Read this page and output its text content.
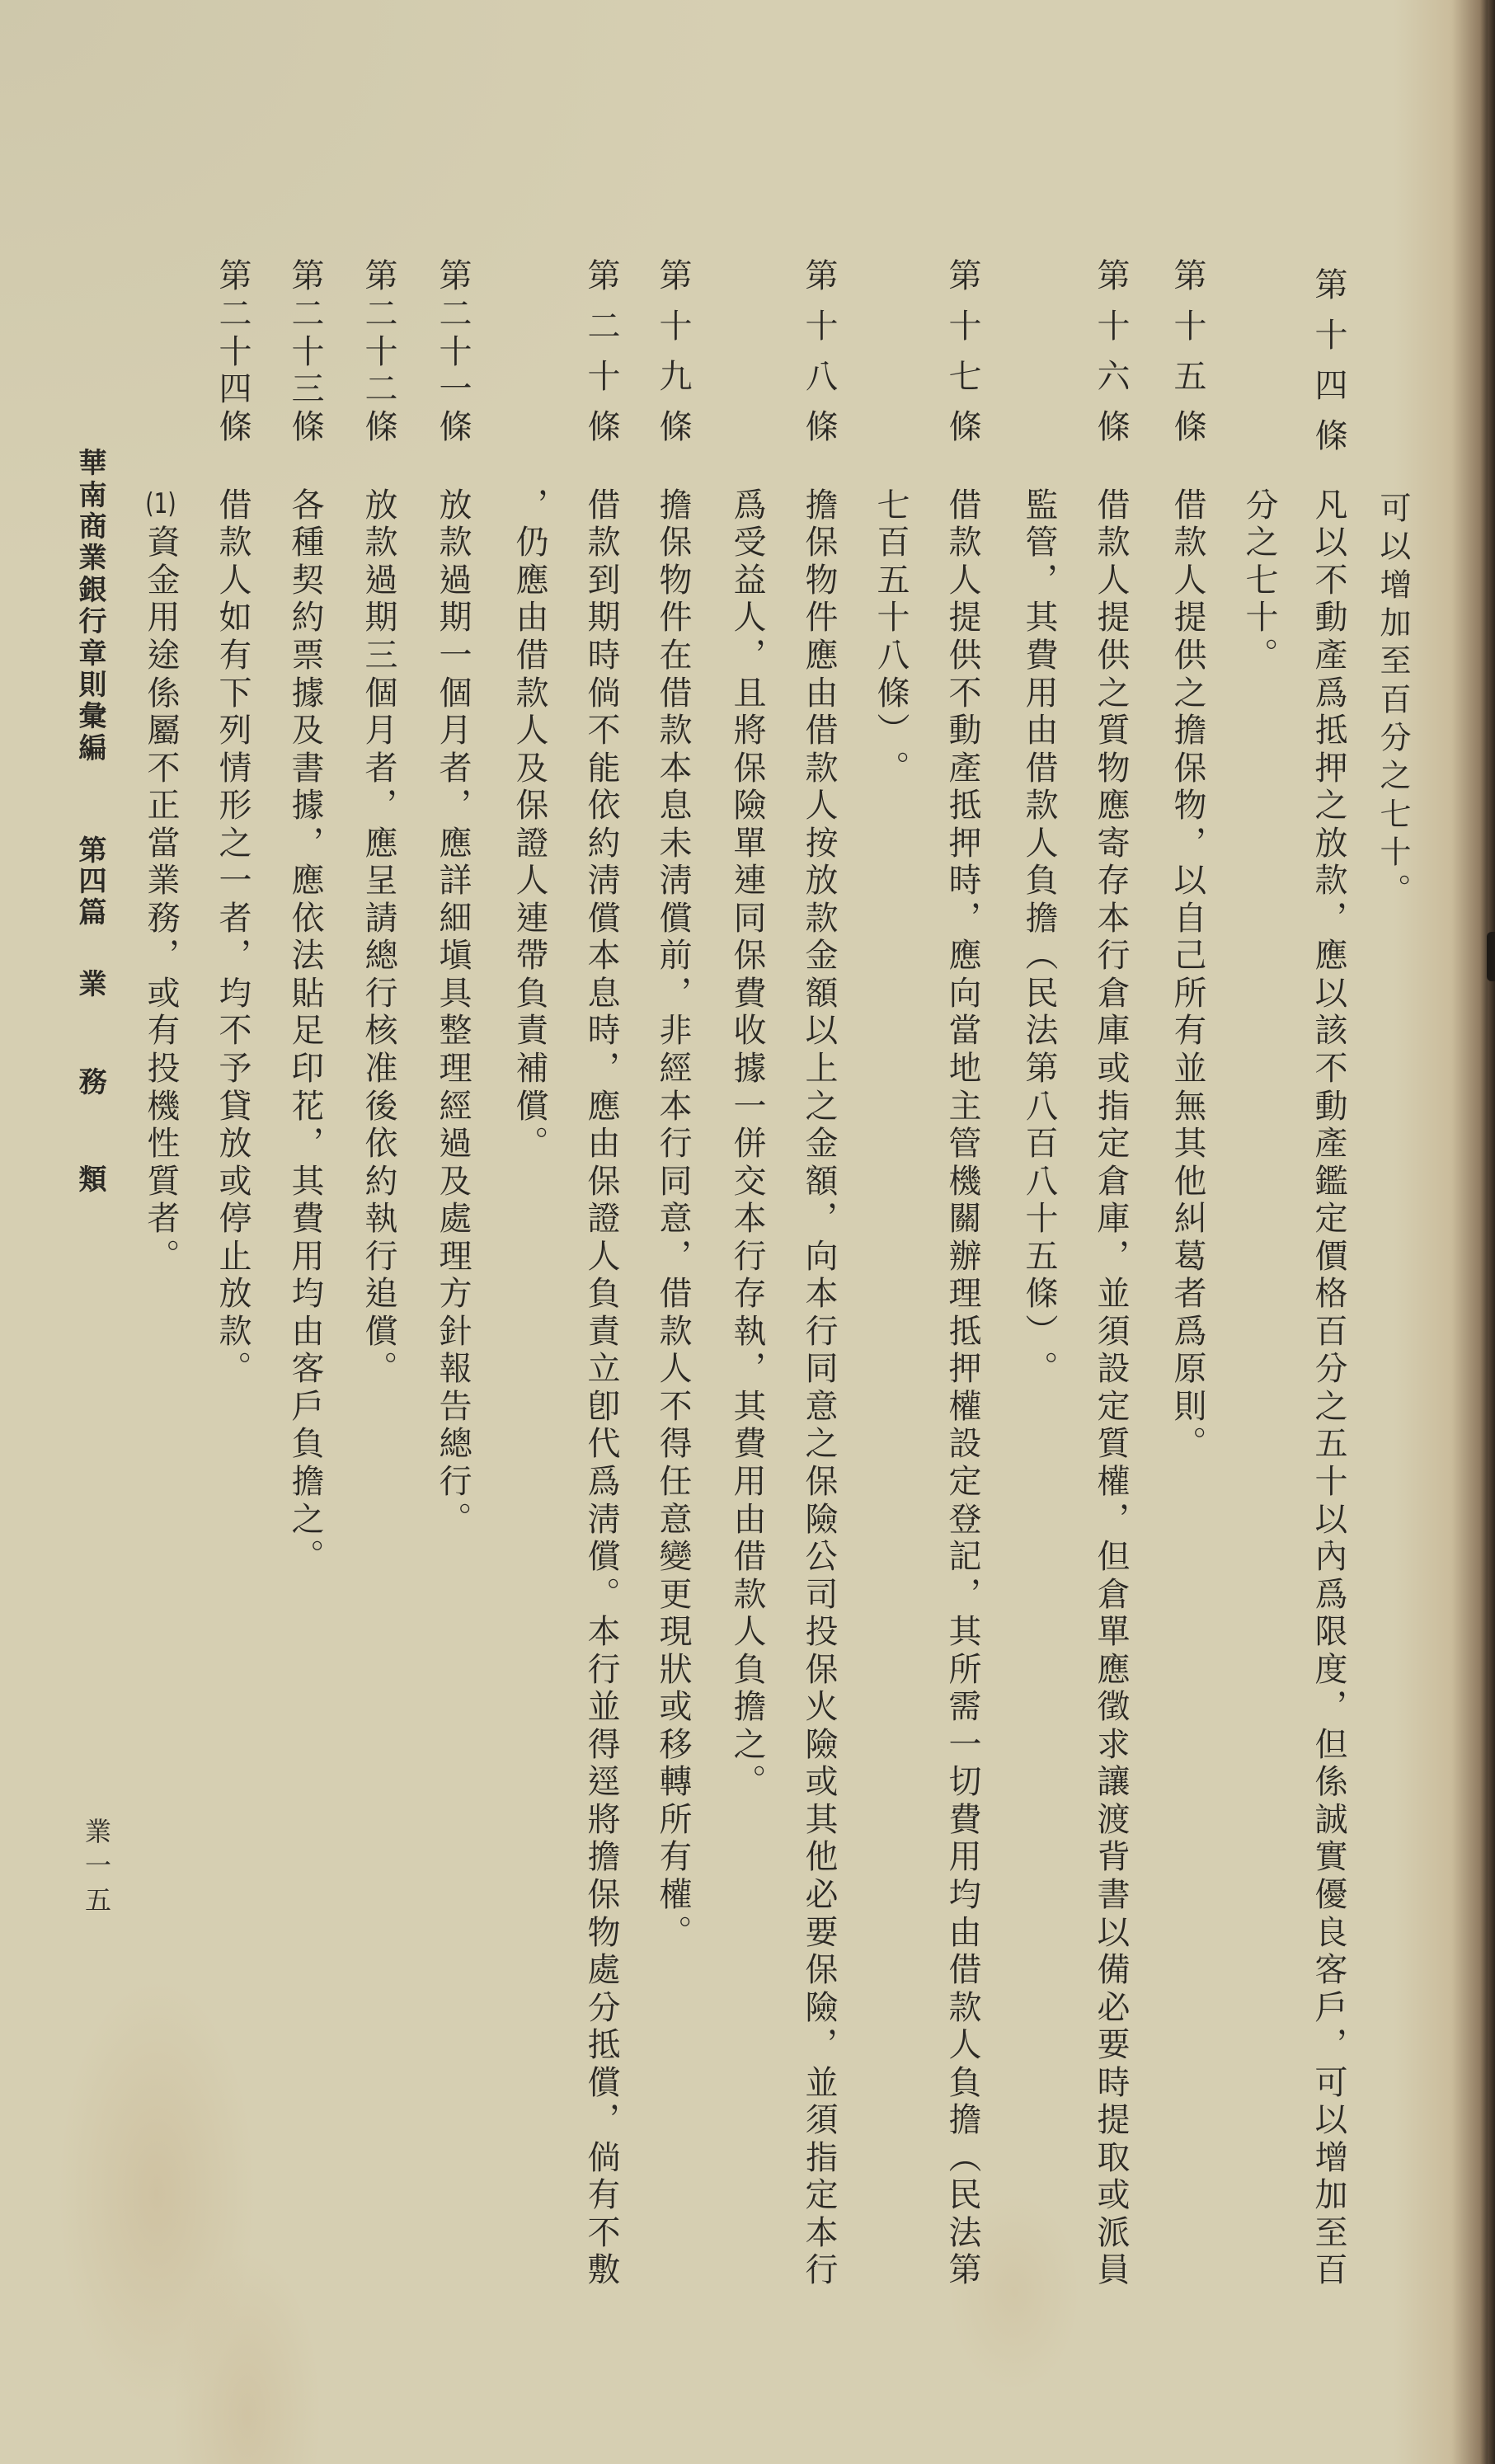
可
以
增
加
至
百
分
之
七
十
。
第
十
四
條
凡
以
不
動
產
爲
抵
押
之
放
款
，
應
以
該
不
動
產
鑑
定
價
格
百
分
之
五
十
以
內
爲
限
度
，
但
係
誠
實
優
良
客
戶
，
可
以
增
加
至
百
分
之
七
十
。
第
十
五
條
借
款
人
提
供
之
擔
保
物
，
以
自
己
所
有
並
無
其
他
糾
葛
者
爲
原
則
。
第
十
六
條
借
款
人
提
供
之
質
物
應
寄
存
本
行
倉
庫
或
指
定
倉
庫
，
並
須
設
定
質
權
，
但
倉
單
應
徵
求
讓
渡
背
書
以
備
必
要
時
提
取
或
派
員
監
管
，
其
費
用
由
借
款
人
負
擔
（
民
法
第
八
百
八
十
五
條
）
。
第
十
七
條
借
款
人
提
供
不
動
產
抵
押
時
，
應
向
當
地
主
管
機
關
辦
理
抵
押
權
設
定
登
記
，
其
所
需
一
切
費
用
均
由
借
款
人
負
擔
（
民
法
第
七
百
五
十
八
條
）
。
第
十
八
條
擔
保
物
件
應
由
借
款
人
按
放
款
金
額
以
上
之
金
額
，
向
本
行
同
意
之
保
險
公
司
投
保
火
險
或
其
他
必
要
保
險
，
並
須
指
定
本
行
爲
受
益
人
，
且
將
保
險
單
連
同
保
費
收
據
一
併
交
本
行
存
執
，
其
費
用
由
借
款
人
負
擔
之
。
第
十
九
條
擔
保
物
件
在
借
款
本
息
未
淸
償
前
，
非
經
本
行
同
意
，
借
款
人
不
得
任
意
變
更
現
狀
或
移
轉
所
有
權
。
第
二
十
條
借
款
到
期
時
倘
不
能
依
約
淸
償
本
息
時
，
應
由
保
證
人
負
責
立
卽
代
爲
淸
償
。
本
行
並
得
逕
將
擔
保
物
處
分
抵
償
，
倘
有
不
敷
，
仍
應
由
借
款
人
及
保
證
人
連
帶
負
責
補
償
。
第
二
十
一
條
放
款
過
期
一
個
月
者
，
應
詳
細
塡
具
整
理
經
過
及
處
理
方
針
報
告
總
行
。
第
二
十
二
條
放
款
過
期
三
個
月
者
，
應
呈
請
總
行
核
准
後
依
約
執
行
追
償
。
第
二
十
三
條
各
種
契
約
票
據
及
書
據
，
應
依
法
貼
足
印
花
，
其
費
用
均
由
客
戶
負
擔
之
。
第
二
十
四
條
借
款
人
如
有
下
列
情
形
之
一
者
，
均
不
予
貸
放
或
停
止
放
款
。
(1)
資
金
用
途
係
屬
不
正
當
業
務
，
或
有
投
機
性
質
者
。
華
南
商
業
銀
行
章
則
彙
編
第
四
篇
業
務
類
業
一
五
